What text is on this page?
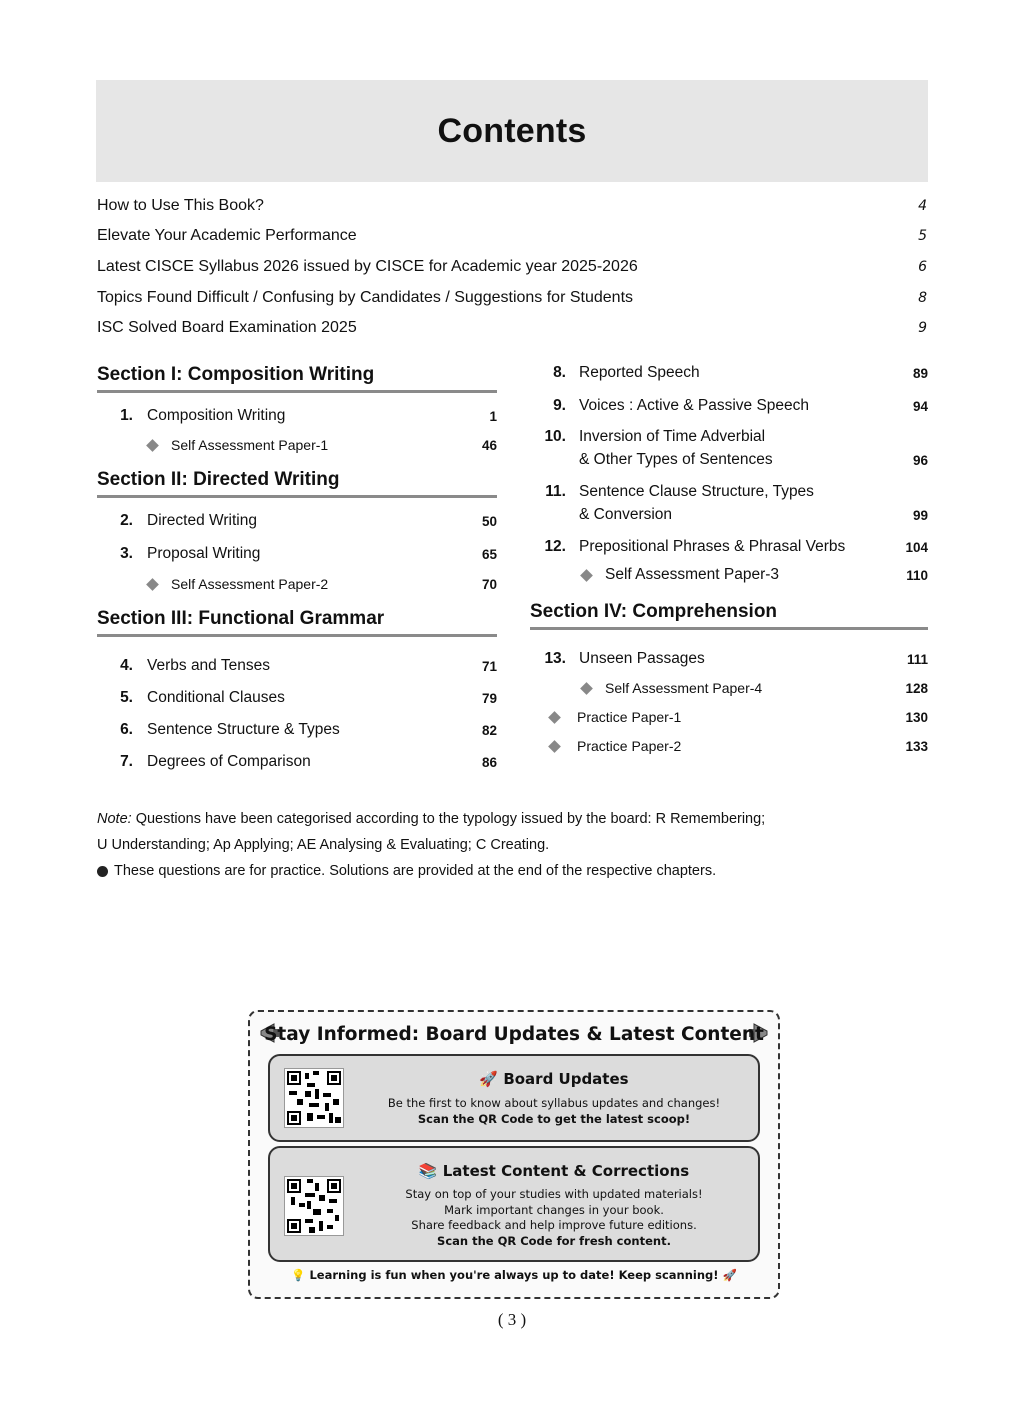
Contents
How to Use This Book?	4
Elevate Your Academic Performance	5
Latest CISCE Syllabus 2026 issued by CISCE for Academic year 2025-2026	6
Topics Found Difficult / Confusing by Candidates / Suggestions for Students	8
ISC Solved Board Examination 2025	9
Section I: Composition Writing
1. Composition Writing	1
Self Assessment Paper-1	46
Section II: Directed Writing
2. Directed Writing	50
3. Proposal Writing	65
Self Assessment Paper-2	70
Section III: Functional Grammar
4. Verbs and Tenses	71
5. Conditional Clauses	79
6. Sentence Structure & Types	82
7. Degrees of Comparison	86
8. Reported Speech	89
9. Voices : Active & Passive Speech	94
10. Inversion of Time Adverbial
& Other Types of Sentences	96
11. Sentence Clause Structure, Types
& Conversion	99
12. Prepositional Phrases & Phrasal Verbs	104
Self Assessment Paper-3	110
Section IV: Comprehension
13. Unseen Passages	111
Self Assessment Paper-4	128
Practice Paper-1	130
Practice Paper-2	133
Note: Questions have been categorised according to the typology issued by the board: R Remembering;
U Understanding; Ap Applying; AE Analysing & Evaluating; C Creating.
These questions are for practice. Solutions are provided at the end of the respective chapters.
Stay Informed: Board Updates & Latest Content
🚀 Board Updates
Be the first to know about syllabus updates and changes!
Scan the QR Code to get the latest scoop!
📚 Latest Content & Corrections
Stay on top of your studies with updated materials!
Mark important changes in your book.
Share feedback and help improve future editions.
Scan the QR Code for fresh content.
💡 Learning is fun when you're always up to date! Keep scanning! 🚀
( 3 )
